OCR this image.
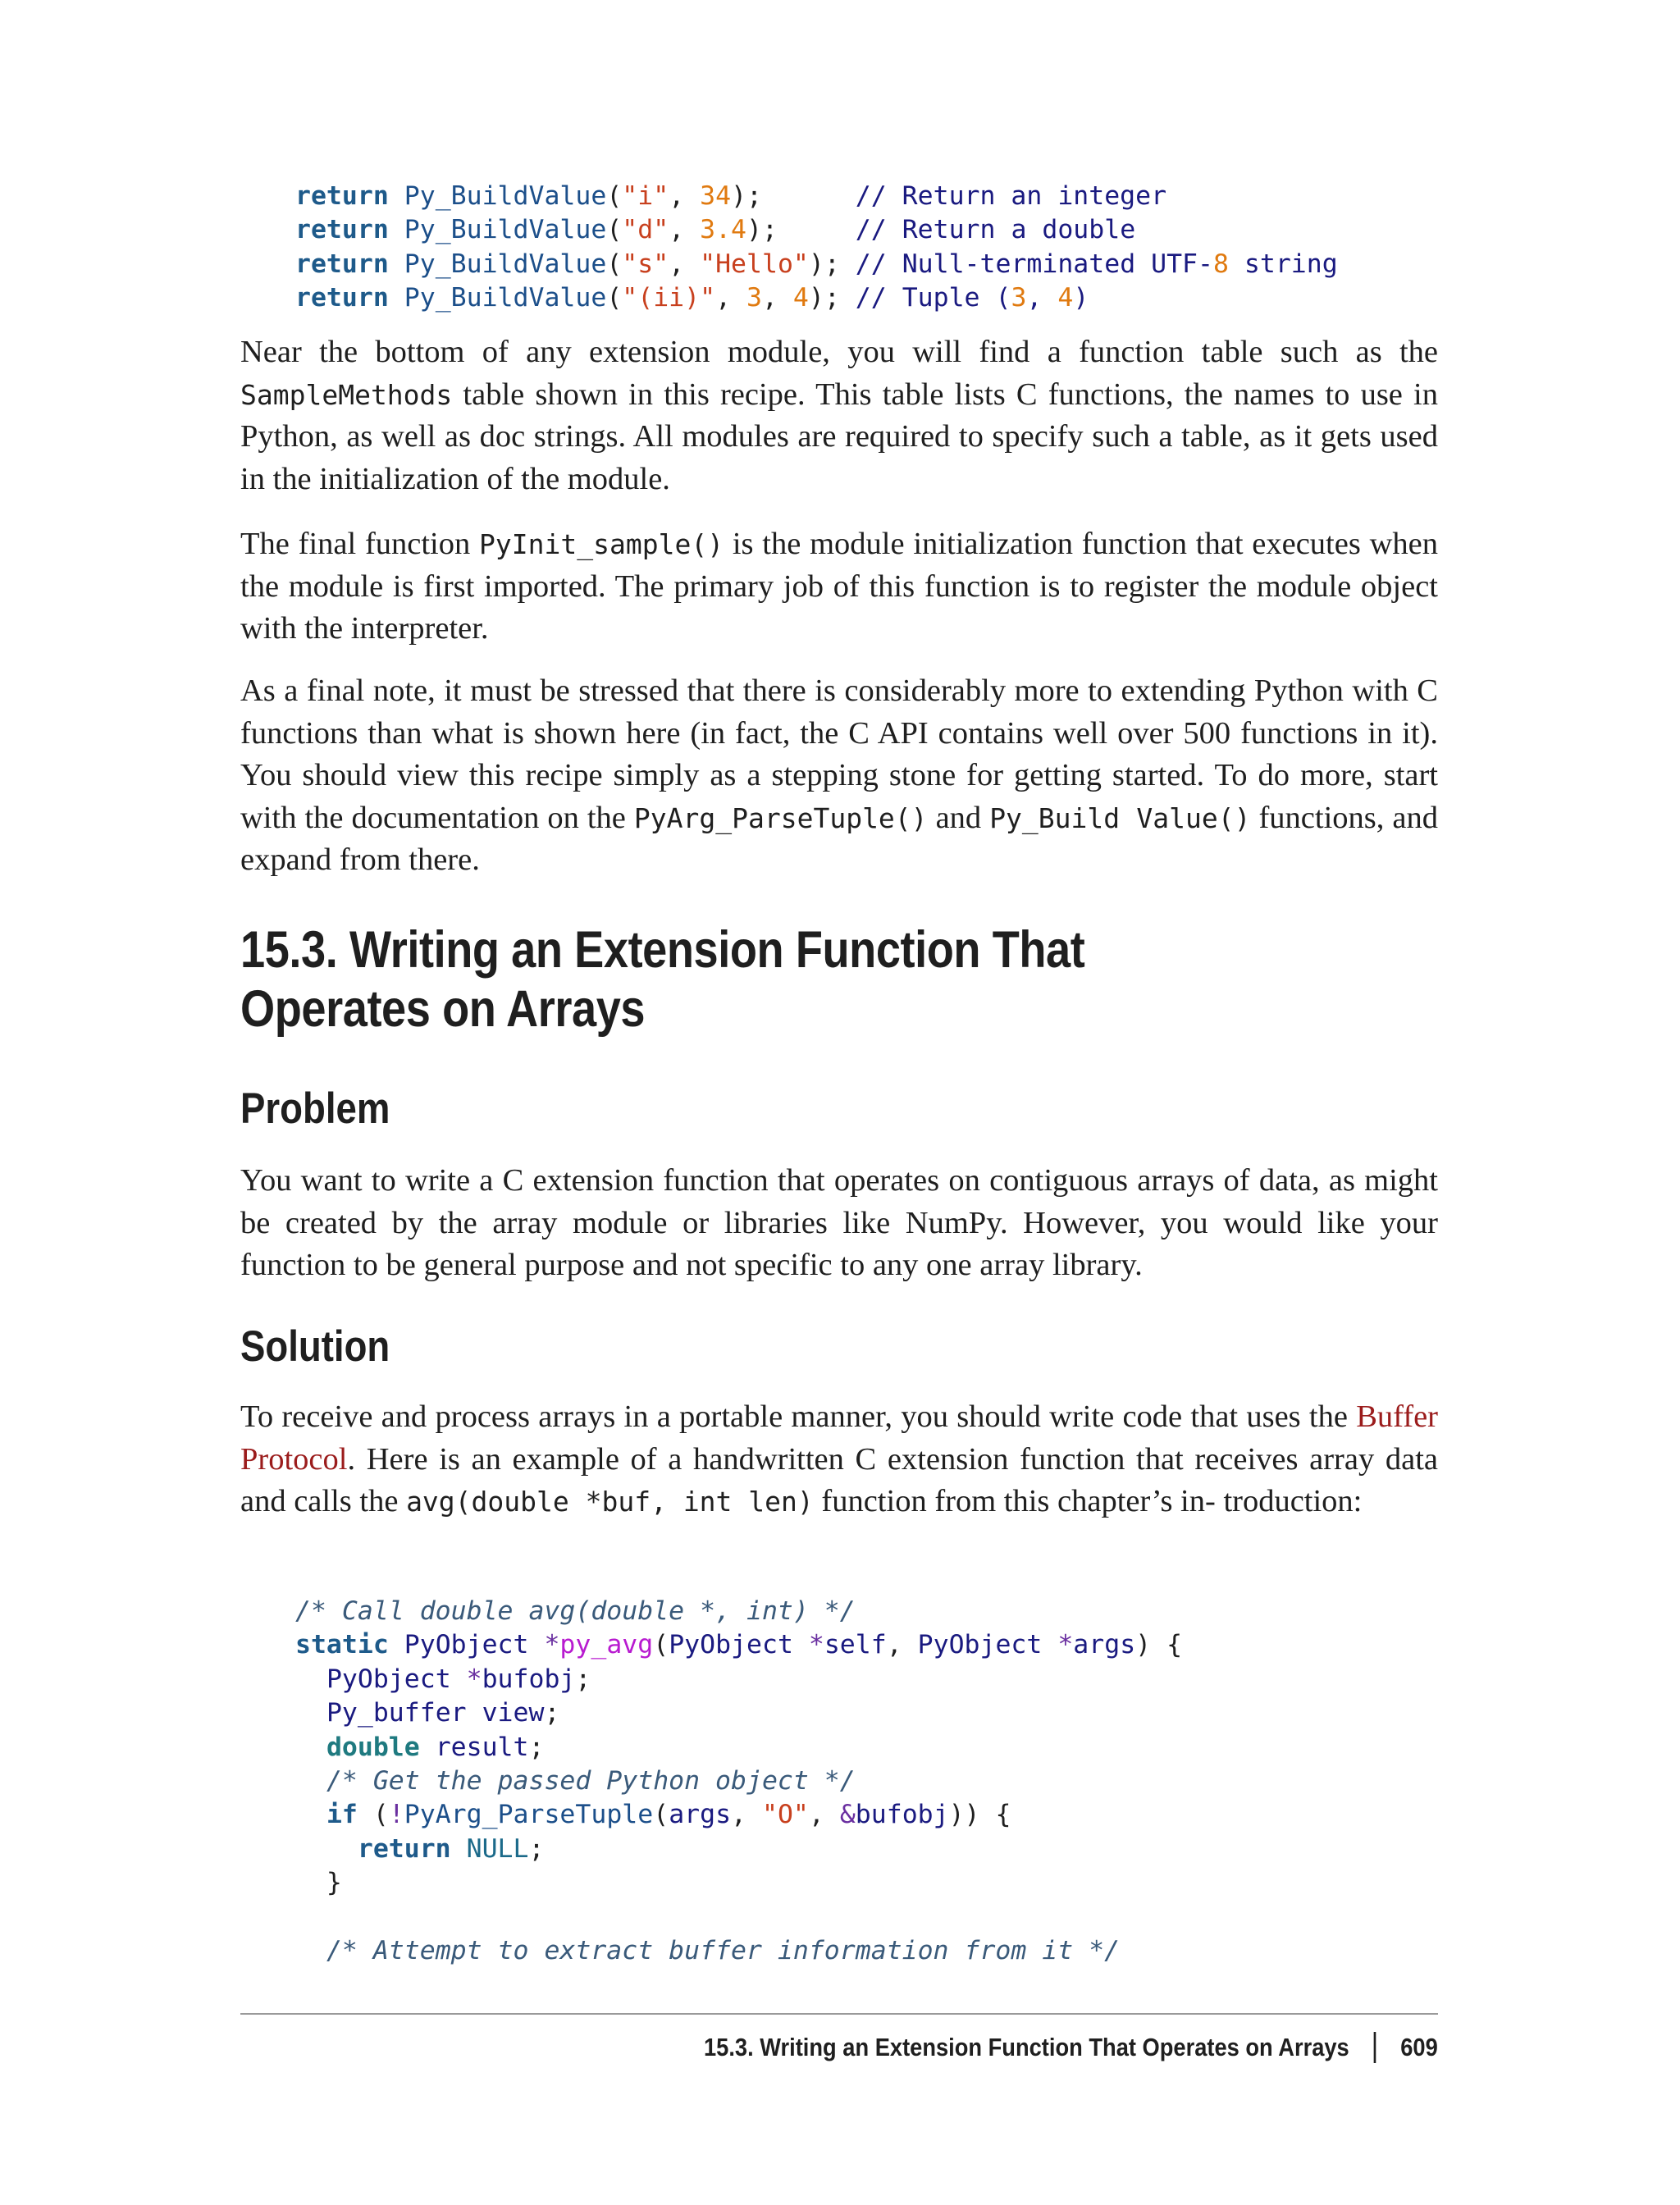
return Py_BuildValue("i", 34);      // Return an integer
return Py_BuildValue("d", 3.4);     // Return a double
return Py_BuildValue("s", "Hello"); // Null-terminated UTF-8 string
return Py_BuildValue("(ii)", 3, 4); // Tuple (3, 4)

Near the bottom of any extension module, you will find a function table such as the SampleMethods table shown in this recipe. This table lists C functions, the names to use in Python, as well as doc strings. All modules are required to specify such a table, as it gets used in the initialization of the module.

The final function PyInit_sample() is the module initialization function that executes when the module is first imported. The primary job of this function is to register the module object with the interpreter.

As a final note, it must be stressed that there is considerably more to extending Python with C functions than what is shown here (in fact, the C API contains well over 500 functions in it). You should view this recipe simply as a stepping stone for getting started. To do more, start with the documentation on the PyArg_ParseTuple() and Py_Build Value() functions, and expand from there.

15.3. Writing an Extension Function That Operates on Arrays
Problem

You want to write a C extension function that operates on contiguous arrays of data, as might be created by the array module or libraries like NumPy. However, you would like your function to be general purpose and not specific to any one array library.

Solution

To receive and process arrays in a portable manner, you should write code that uses the Buffer Protocol. Here is an example of a handwritten C extension function that receives array data and calls the avg(double *buf, int len) function from this chapter’s in- troduction:

/* Call double avg(double *, int) */
static PyObject *py_avg(PyObject *self, PyObject *args) {
PyObject *bufobj;
Py_buffer view;
double result;
/* Get the passed Python object */
if (!PyArg_ParseTuple(args, "O", &bufobj)) {
return NULL;
}

/* Attempt to extract buffer information from it */
15.3. Writing an Extension Function That Operates on Arrays 609
